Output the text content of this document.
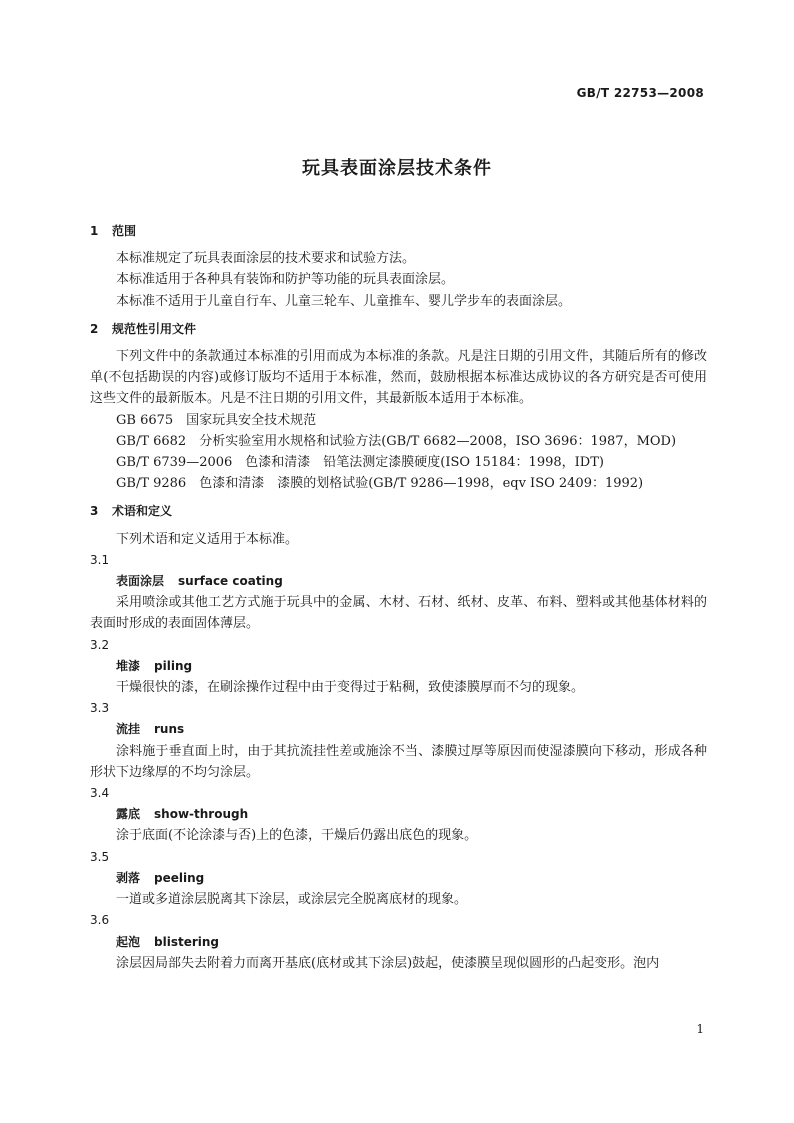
GB/T 22753—2008
玩具表面涂层技术条件
1 范围

本标准规定了玩具表面涂层的技术要求和试验方法。

本标准适用于各种具有装饰和防护等功能的玩具表面涂层。

本标准不适用于儿童自行车、儿童三轮车、儿童推车、婴儿学步车的表面涂层。

2 规范性引用文件

下列文件中的条款通过本标准的引用而成为本标准的条款。凡是注日期的引用文件，其随后所有的修改单(不包括勘误的内容)或修订版均不适用于本标准，然而，鼓励根据本标准达成协议的各方研究是否可使用这些文件的最新版本。凡是不注日期的引用文件，其最新版本适用于本标准。

GB 6675　国家玩具安全技术规范

GB/T 6682　分析实验室用水规格和试验方法(GB/T 6682—2008，ISO 3696：1987，MOD)

GB/T 6739—2006　色漆和清漆　铅笔法测定漆膜硬度(ISO 15184：1998，IDT)

GB/T 9286　色漆和清漆　漆膜的划格试验(GB/T 9286—1998，eqv ISO 2409：1992)

3 术语和定义

下列术语和定义适用于本标准。

3.1

表面涂层 surface coating

采用喷涂或其他工艺方式施于玩具中的金属、木材、石材、纸材、皮革、布料、塑料或其他基体材料的表面时形成的表面固体薄层。

3.2

堆漆 piling

干燥很快的漆，在刷涂操作过程中由于变得过于粘稠，致使漆膜厚而不匀的现象。

3.3

流挂 runs

涂料施于垂直面上时，由于其抗流挂性差或施涂不当、漆膜过厚等原因而使湿漆膜向下移动，形成各种形状下边缘厚的不均匀涂层。

3.4

露底 show-through

涂于底面(不论涂漆与否)上的色漆，干燥后仍露出底色的现象。

3.5

剥落 peeling

一道或多道涂层脱离其下涂层，或涂层完全脱离底材的现象。

3.6

起泡 blistering

涂层因局部失去附着力而离开基底(底材或其下涂层)鼓起，使漆膜呈现似圆形的凸起变形。泡内

1
